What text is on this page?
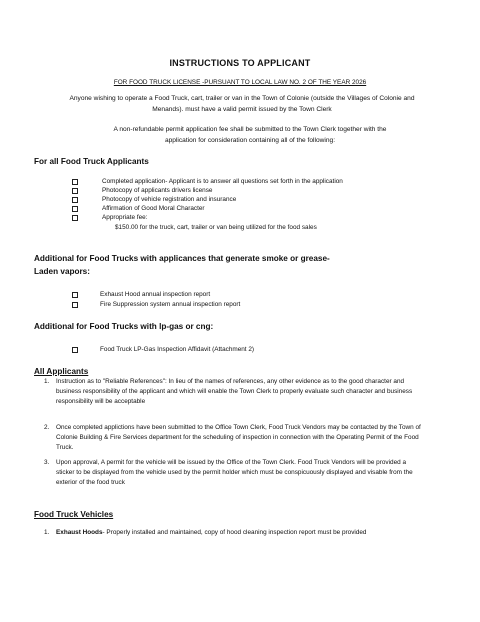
INSTRUCTIONS TO APPLICANT
FOR FOOD TRUCK LICENSE -PURSUANT TO LOCAL LAW NO. 2 OF THE YEAR 2026
Anyone wishing to operate a Food Truck, cart, trailer or van in the Town of Colonie (outside the Villages of Colonie and Menands). must have a valid permit issued by the Town Clerk
A non-refundable permit application fee shall be submitted to the Town Clerk together with the application for consideration containing all of the following:
For all Food Truck Applicants
Completed application- Applicant is to answer all questions set forth in the application
Photocopy of applicants drivers license
Photocopy of vehicle registration and insurance
Affirmation of Good Moral Character
Appropriate fee:
$150.00 for the truck, cart, trailer or van being utilized for the food sales
Additional for Food Trucks with applicances that generate smoke or grease-
Laden vapors:
Exhaust Hood annual inspection report
Fire Suppression system annual inspection report
Additional for Food Trucks with lp-gas or cng:
Food Truck LP-Gas Inspection Affidavit (Attachment 2)
All Applicants
1. Instruction as to "Reliable References": In lieu of the names of references, any other evidence as to the good character and business responsibility of the applicant and which will enable the Town Clerk to properly evaluate such character and business responsibility will be acceptable
2. Once completed applictions have been submitted to the Office Town Clerk, Food Truck Vendors may be contacted by the Town of Colonie Building & Fire Services department for the scheduling of inspection in connection with the Operating Permit of the Food Truck.
3. Upon approval, A permit for the vehicle will be issued by the Office of the Town Clerk. Food Truck Vendors will be provided a sticker to be displayed from the vehicle used by the permit holder which must be conspicuously displayed and visable from the exterior of the food truck
Food Truck Vehicles
1. Exhaust Hoods- Properly installed and maintained, copy of hood cleaning inspection report must be provided
